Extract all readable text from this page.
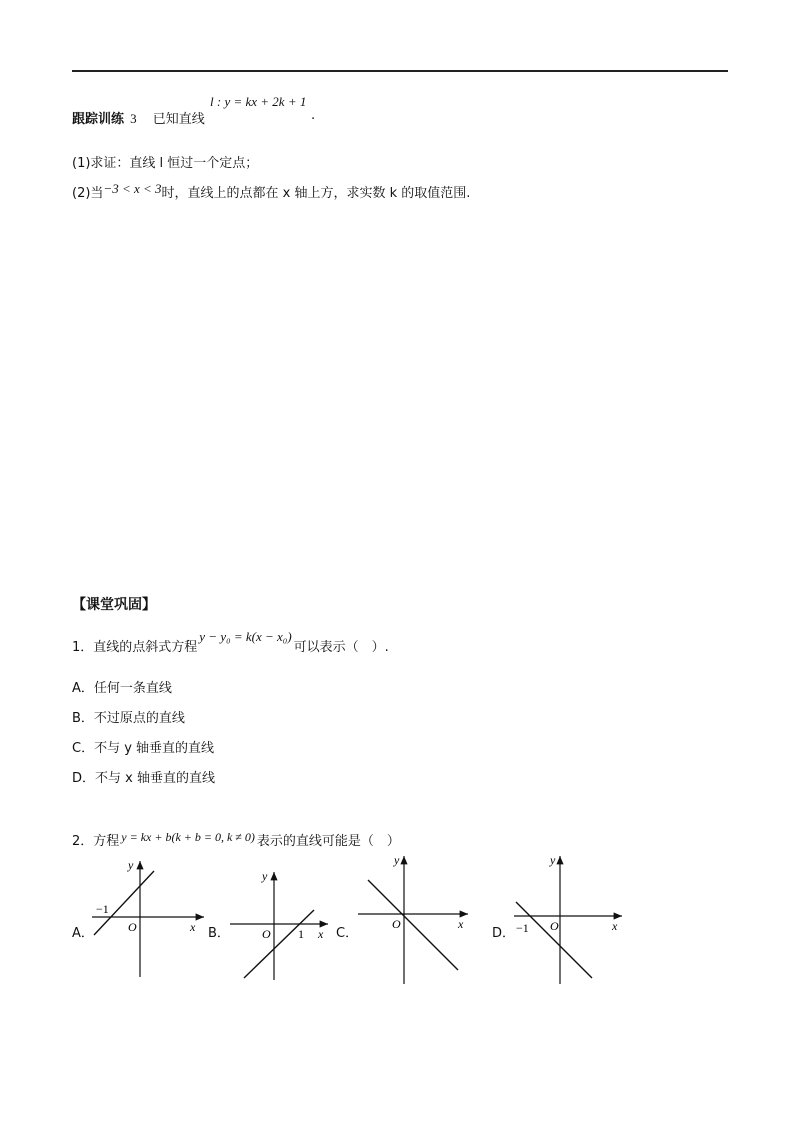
跟踪训练 3 已知直线
l : y = kx + 2k + 1
.
(1)求证：直线 l 恒过一个定点；
(2)当−3 < x < 3时，直线上的点都在 x 轴上方，求实数 k 的取值范围.
【课堂巩固】
1．直线的点斜式方程y − y₀ = k(x − x₀)可以表示（　）.
A．任何一条直线
B．不过原点的直线
C．不与 y 轴垂直的直线
D．不与 x 轴垂直的直线
2．方程 y = kx + b(k + b = 0, k ≠ 0) 表示的直线可能是（　）
A．	B．	C．	D．
y
x
O
−1
y
x
O 1
y
x
O
y
x
O
−1
